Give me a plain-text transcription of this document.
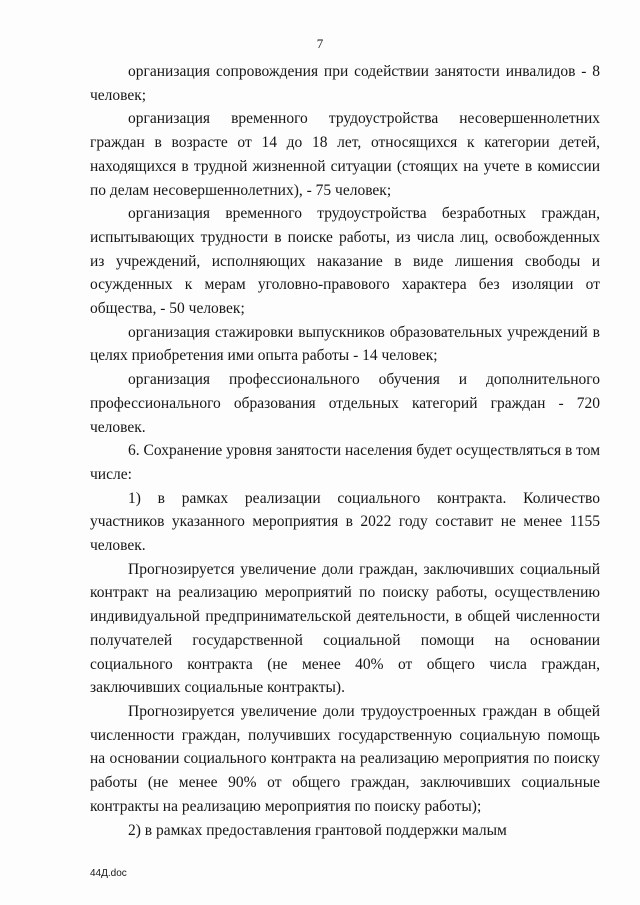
7

организация сопровождения при содействии занятости инвалидов - 8 человек;

организация временного трудоустройства несовершеннолетних граждан в возрасте от 14 до 18 лет, относящихся к категории детей, находящихся в трудной жизненной ситуации (стоящих на учете в комиссии по делам несовершеннолетних), - 75 человек;

организация временного трудоустройства безработных граждан, испытывающих трудности в поиске работы, из числа лиц, освобожденных из учреждений, исполняющих наказание в виде лишения свободы и осужденных к мерам уголовно-правового характера без изоляции от общества, - 50 человек;

организация стажировки выпускников образовательных учреждений в целях приобретения ими опыта работы - 14 человек;

организация профессионального обучения и дополнительного профессионального образования отдельных категорий граждан - 720 человек.

6. Сохранение уровня занятости населения будет осуществляться в том числе:

1) в рамках реализации социального контракта. Количество участников указанного мероприятия в 2022 году составит не менее 1155 человек.

Прогнозируется увеличение доли граждан, заключивших социальный контракт на реализацию мероприятий по поиску работы, осуществлению индивидуальной предпринимательской деятельности, в общей численности получателей государственной социальной помощи на основании социального контракта (не менее 40% от общего числа граждан, заключивших социальные контракты).

Прогнозируется увеличение доли трудоустроенных граждан в общей численности граждан, получивших государственную социальную помощь на основании социального контракта на реализацию мероприятия по поиску работы (не менее 90% от общего граждан, заключивших социальные контракты на реализацию мероприятия по поиску работы);

2) в рамках предоставления грантовой поддержки малым

44Д.doc
